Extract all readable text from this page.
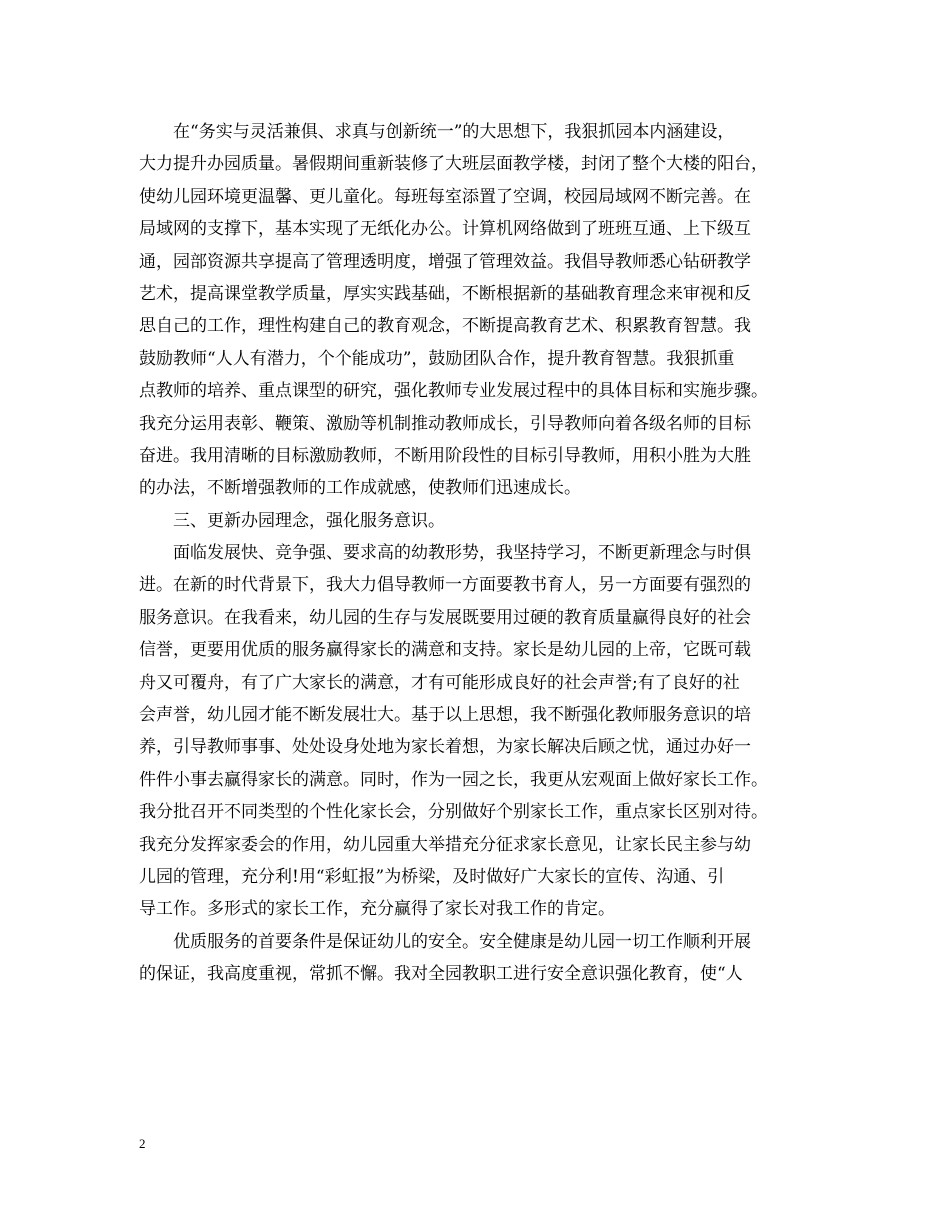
在“务实与灵活兼俱、求真与创新统一”的大思想下，我狠抓园本内涵建设，
大力提升办园质量。暑假期间重新装修了大班层面教学楼，封闭了整个大楼的阳台，
使幼儿园环境更温馨、更儿童化。每班每室添置了空调，校园局域网不断完善。在
局域网的支撑下，基本实现了无纸化办公。计算机网络做到了班班互通、上下级互
通，园部资源共享提高了管理透明度，增强了管理效益。我倡导教师悉心钻研教学
艺术，提高课堂教学质量，厚实实践基础，不断根据新的基础教育理念来审视和反
思自己的工作，理性构建自己的教育观念，不断提高教育艺术、积累教育智慧。我
鼓励教师“人人有潜力，个个能成功”，鼓励团队合作，提升教育智慧。我狠抓重
点教师的培养、重点课型的研究，强化教师专业发展过程中的具体目标和实施步骤。
我充分运用表彰、鞭策、激励等机制推动教师成长，引导教师向着各级名师的目标
奋进。我用清晰的目标激励教师，不断用阶段性的目标引导教师，用积小胜为大胜
的办法，不断增强教师的工作成就感，使教师们迅速成长。
三、更新办园理念，强化服务意识。
面临发展快、竞争强、要求高的幼教形势，我坚持学习，不断更新理念与时俱
进。在新的时代背景下，我大力倡导教师一方面要教书育人，另一方面要有强烈的
服务意识。在我看来，幼儿园的生存与发展既要用过硬的教育质量赢得良好的社会
信誉，更要用优质的服务赢得家长的满意和支持。家长是幼儿园的上帝，它既可载
舟又可覆舟，有了广大家长的满意，才有可能形成良好的社会声誉;有了良好的社
会声誉，幼儿园才能不断发展壮大。基于以上思想，我不断强化教师服务意识的培
养，引导教师事事、处处设身处地为家长着想，为家长解决后顾之忧，通过办好一
件件小事去赢得家长的满意。同时，作为一园之长，我更从宏观面上做好家长工作。
我分批召开不同类型的个性化家长会，分别做好个别家长工作，重点家长区别对待。
我充分发挥家委会的作用，幼儿园重大举措充分征求家长意见，让家长民主参与幼
儿园的管理，充分利!用“彩虹报”为桥梁，及时做好广大家长的宣传、沟通、引
导工作。多形式的家长工作，充分赢得了家长对我工作的肯定。
优质服务的首要条件是保证幼儿的安全。安全健康是幼儿园一切工作顺利开展
的保证，我高度重视，常抓不懈。我对全园教职工进行安全意识强化教育，使“人
2
